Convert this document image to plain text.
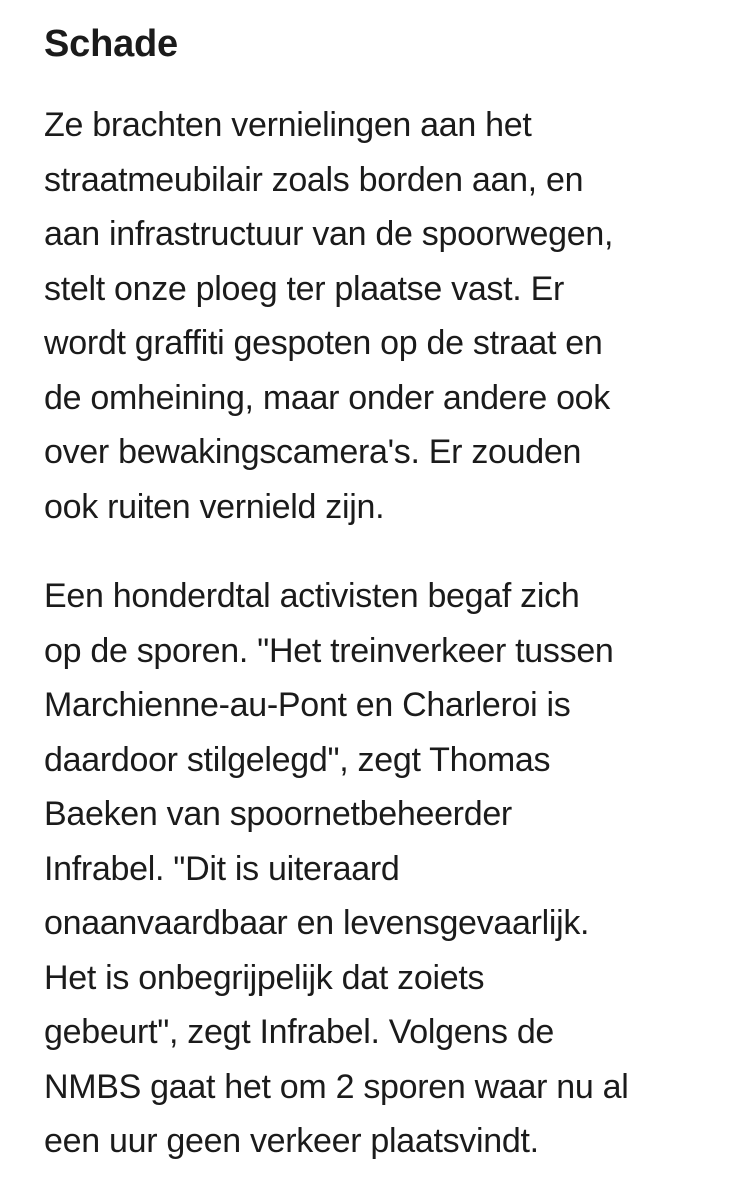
Schade

Ze brachten vernielingen aan het
straatmeubilair zoals borden aan, en
aan infrastructuur van de spoorwegen,
stelt onze ploeg ter plaatse vast. Er
wordt graffiti gespoten op de straat en
de omheining, maar onder andere ook
over bewakingscamera's. Er zouden
ook ruiten vernield zijn.

Een honderdtal activisten begaf zich
op de sporen. "Het treinverkeer tussen
Marchienne-au-Pont en Charleroi is
daardoor stilgelegd", zegt Thomas
Baeken van spoornetbeheerder
Infrabel. "Dit is uiteraard
onaanvaardbaar en levensgevaarlijk.
Het is onbegrijpelijk dat zoiets
gebeurt", zegt Infrabel. Volgens de
NMBS gaat het om 2 sporen waar nu al
een uur geen verkeer plaatsvindt.
